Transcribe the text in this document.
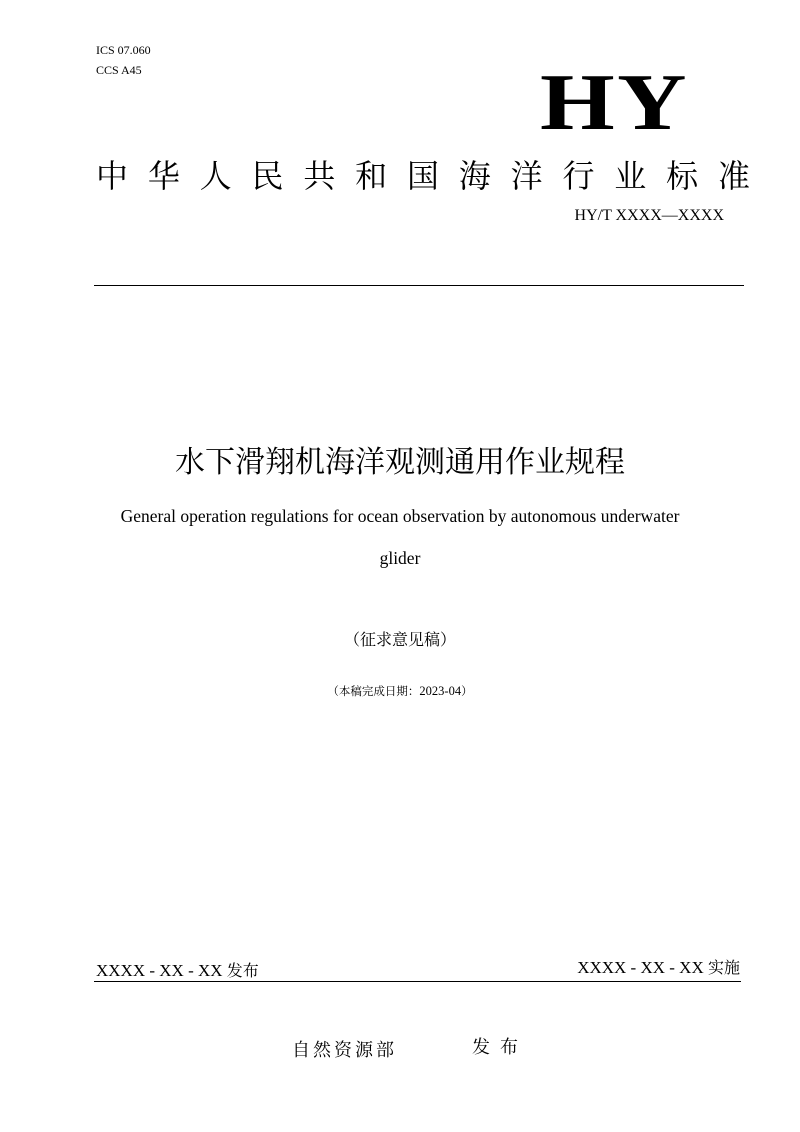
ICS 07.060
CCS A45	HY
中 华 人 民 共 和 国 海 洋 行 业 标 准
HY/T XXXX—XXXX
水下滑翔机海洋观测通用作业规程
General operation regulations for ocean observation by autonomous underwater
glider
（征求意见稿）
（本稿完成日期：2023-04）
XXXX - XX - XX 发布	XXXX - XX - XX 实施
自然资源部	发布
